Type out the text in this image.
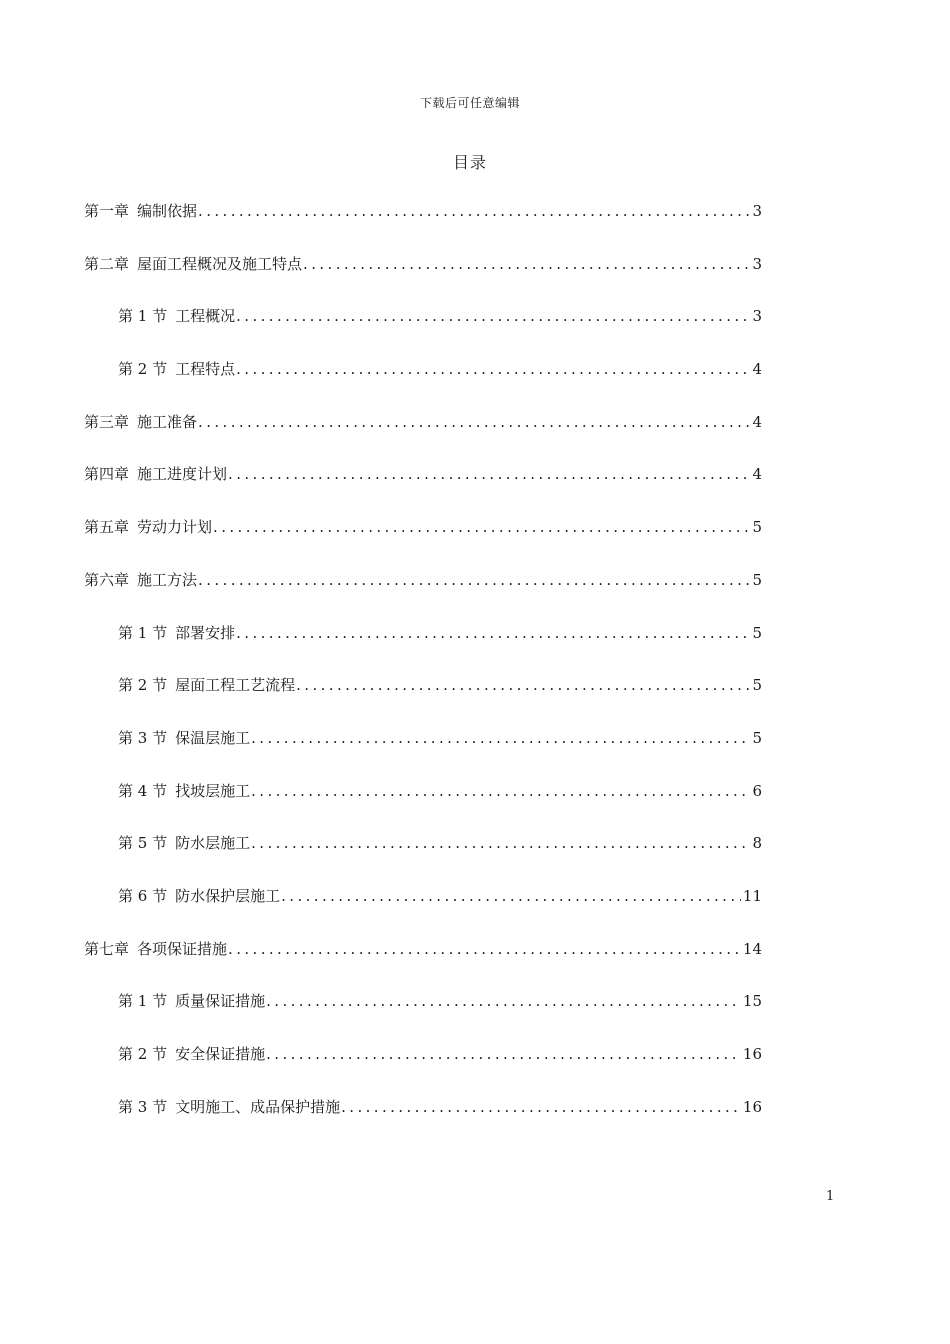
下载后可任意编辑
目录
第一章 编制依据 .....	3
第二章 屋面工程概况及施工特点 .....	3
第 1 节 工程概况 .....	3
第 2 节 工程特点 .....	4
第三章 施工准备 .....	4
第四章 施工进度计划 .....	4
第五章 劳动力计划 .....	5
第六章 施工方法 .....	5
第 1 节 部署安排 .....	5
第 2 节 屋面工程工艺流程 .....	5
第 3 节 保温层施工 .....	5
第 4 节 找坡层施工 .....	6
第 5 节 防水层施工 .....	8
第 6 节 防水保护层施工 .....	11
第七章 各项保证措施 .....	14
第 1 节 质量保证措施 .....	15
第 2 节 安全保证措施 .....	16
第 3 节 文明施工、成品保护措施 .....	16
1
